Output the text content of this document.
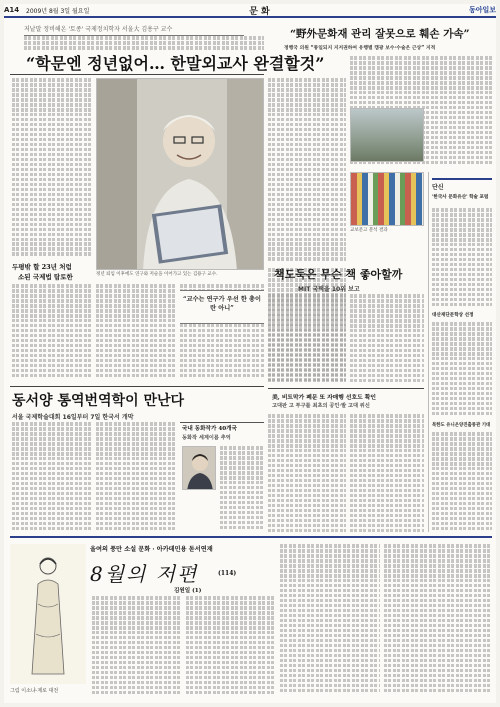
A14	2009년 8월 3일 월요일	문화	동아일보
저낱말 정비해온 '토종' 국제정치학자 서울大 김용구 교수
“학문엔 정년없어… 한말외교사 완결할것”
정년 퇴임 이후에도 연구와 저술을 이어가고 있는 김용구 교수.
두평밖 할 23년 처럼
소된 국제법 탐토한
“교수는 연구가 우선 한 총이란 아니”
“野外문화재 관리 잘못으로 훼손 가속”
정행국 의원 “통일되지 지저권하여 유행별 캠광 보수·수술은 근상” 지적
교보문고 분석 결과
책도둑은 무슨 책 좋아할까
MIT 국택을 10위 보고
美, 비트막가 폐문 또 자매행 선호도 확인
고대판 고 투구를 최초의 공인·발 고대 위신
단신
'한국사 문화유산' 학술 포럼
대산재단문학상 선정
북한도 유니온양진출통관 기대
동서양 통역번역학이 만난다
서울 국제학술대회 16일부터 7일 한국서 개막
국내 동화작가 40개국
동화작 세계이름 추억
올여의 풍만 소설 문화 · 아카데민용 돋서연재
8월의 저편	(114)
김원일 (1)
그림 이소냐·제로 대전
